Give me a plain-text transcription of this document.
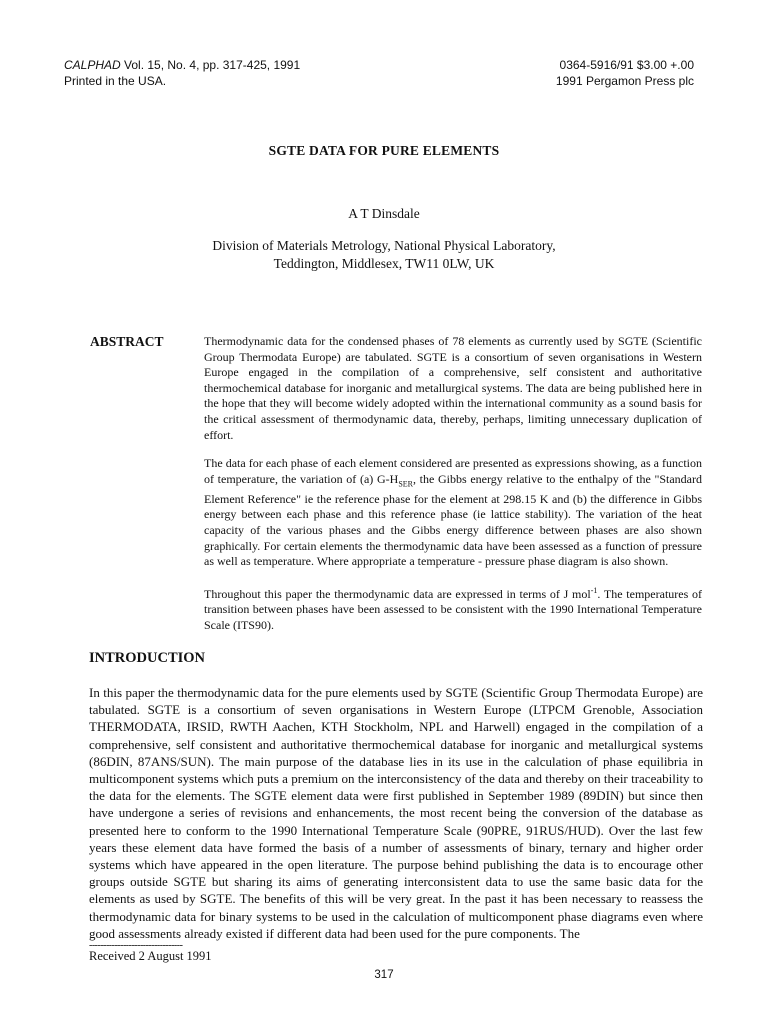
CALPHAD Vol. 15, No. 4, pp. 317-425, 1991
Printed in the USA.
0364-5916/91 $3.00 +.00
1991 Pergamon Press plc
SGTE DATA FOR PURE ELEMENTS
A T Dinsdale
Division of Materials Metrology, National Physical Laboratory,
Teddington, Middlesex, TW11 0LW, UK
ABSTRACT	Thermodynamic data for the condensed phases of 78 elements as currently used by SGTE (Scientific Group Thermodata Europe) are tabulated. SGTE is a consortium of seven organisations in Western Europe engaged in the compilation of a comprehensive, self consistent and authoritative thermochemical database for inorganic and metallurgical systems. The data are being published here in the hope that they will become widely adopted within the international community as a sound basis for the critical assessment of thermodynamic data, thereby, perhaps, limiting unnecessary duplication of effort.

The data for each phase of each element considered are presented as expressions showing, as a function of temperature, the variation of (a) $G-H_{SER}$, the Gibbs energy relative to the enthalpy of the "Standard Element Reference" ie the reference phase for the element at 298.15 K and (b) the difference in Gibbs energy between each phase and this reference phase (ie lattice stability). The variation of the heat capacity of the various phases and the Gibbs energy difference between phases are also shown graphically. For certain elements the thermodynamic data have been assessed as a function of pressure as well as temperature. Where appropriate a temperature - pressure phase diagram is also shown.

Throughout this paper the thermodynamic data are expressed in terms of J mol$^{-1}$. The temperatures of transition between phases have been assessed to be consistent with the 1990 International Temperature Scale (ITS90).

INTRODUCTION

In this paper the thermodynamic data for the pure elements used by SGTE (Scientific Group Thermodata Europe) are tabulated. SGTE is a consortium of seven organisations in Western Europe (LTPCM Grenoble, Association THERMODATA, IRSID, RWTH Aachen, KTH Stockholm, NPL and Harwell) engaged in the compilation of a comprehensive, self consistent and authoritative thermochemical database for inorganic and metallurgical systems (86DIN, 87ANS/SUN). The main purpose of the database lies in its use in the calculation of phase equilibria in multicomponent systems which puts a premium on the interconsistency of the data and thereby on their traceability to the data for the elements. The SGTE element data were first published in September 1989 (89DIN) but since then have undergone a series of revisions and enhancements, the most recent being the conversion of the database as presented here to conform to the 1990 International Temperature Scale (90PRE, 91RUS/HUD). Over the last few years these element data have formed the basis of a number of assessments of binary, ternary and higher order systems which have appeared in the open literature. The purpose behind publishing the data is to encourage other groups outside SGTE but sharing its aims of generating interconsistent data to use the same basic data for the elements as used by SGTE. The benefits of this will be very great. In the past it has been necessary to reassess the thermodynamic data for binary systems to be used in the calculation of multicomponent phase diagrams even where good assessments already existed if different data had been used for the pure components. The

---------------------------------
Received 2 August 1991
317
